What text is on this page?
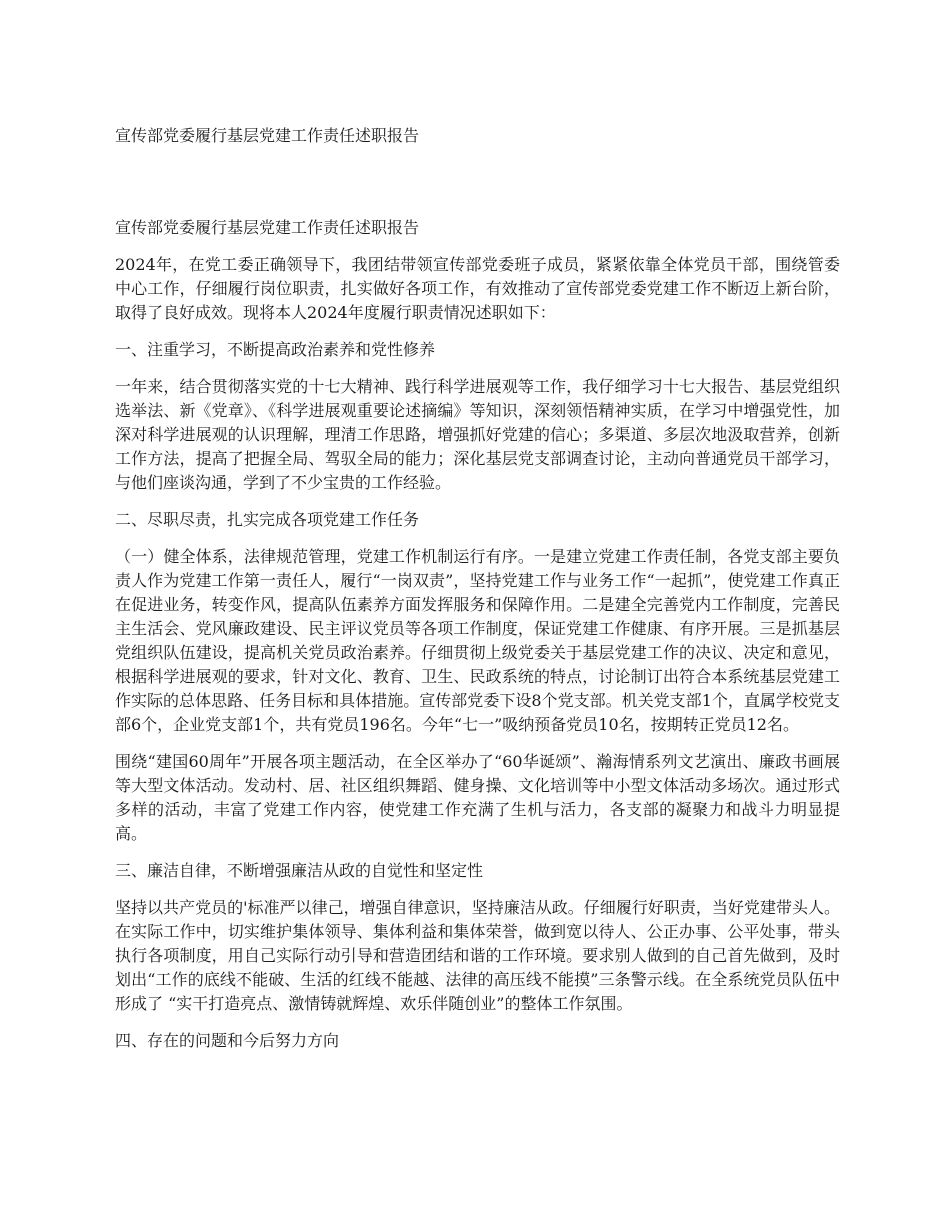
宣传部党委履行基层党建工作责任述职报告

宣传部党委履行基层党建工作责任述职报告

2024年，在党工委正确领导下，我团结带领宣传部党委班子成员，紧紧依靠全体党员干部，围绕管委中心工作，仔细履行岗位职责，扎实做好各项工作，有效推动了宣传部党委党建工作不断迈上新台阶，取得了良好成效。现将本人2024年度履行职责情况述职如下：

一、注重学习，不断提高政治素养和党性修养

一年来，结合贯彻落实党的十七大精神、践行科学进展观等工作，我仔细学习十七大报告、基层党组织选举法、新《党章》、《科学进展观重要论述摘编》等知识，深刻领悟精神实质，在学习中增强党性，加深对科学进展观的认识理解，理清工作思路，增强抓好党建的信心；多渠道、多层次地汲取营养，创新工作方法，提高了把握全局、驾驭全局的能力；深化基层党支部调查讨论，主动向普通党员干部学习，与他们座谈沟通，学到了不少宝贵的工作经验。

二、尽职尽责，扎实完成各项党建工作任务

（一）健全体系，法律规范管理，党建工作机制运行有序。一是建立党建工作责任制，各党支部主要负责人作为党建工作第一责任人，履行“一岗双责”，坚持党建工作与业务工作“一起抓”，使党建工作真正在促进业务，转变作风，提高队伍素养方面发挥服务和保障作用。二是建全完善党内工作制度，完善民主生活会、党风廉政建设、民主评议党员等各项工作制度，保证党建工作健康、有序开展。三是抓基层党组织队伍建设，提高机关党员政治素养。仔细贯彻上级党委关于基层党建工作的决议、决定和意见，根据科学进展观的要求，针对文化、教育、卫生、民政系统的特点，讨论制订出符合本系统基层党建工作实际的总体思路、任务目标和具体措施。宣传部党委下设8个党支部。机关党支部1个，直属学校党支部6个，企业党支部1个，共有党员196名。今年“七一”吸纳预备党员10名，按期转正党员12名。

围绕“建国60周年”开展各项主题活动，在全区举办了“60华诞颂”、瀚海情系列文艺演出、廉政书画展等大型文体活动。发动村、居、社区组织舞蹈、健身操、文化培训等中小型文体活动多场次。通过形式多样的活动，丰富了党建工作内容，使党建工作充满了生机与活力，各支部的凝聚力和战斗力明显提高。

三、廉洁自律，不断增强廉洁从政的自觉性和坚定性

坚持以共产党员的'标准严以律己，增强自律意识，坚持廉洁从政。仔细履行好职责，当好党建带头人。在实际工作中，切实维护集体领导、集体利益和集体荣誉，做到宽以待人、公正办事、公平处事，带头执行各项制度，用自己实际行动引导和营造团结和谐的工作环境。要求别人做到的自己首先做到，及时划出“工作的底线不能破、生活的红线不能越、法律的高压线不能摸”三条警示线。在全系统党员队伍中形成了 “实干打造亮点、激情铸就辉煌、欢乐伴随创业”的整体工作氛围。

四、存在的问题和今后努力方向
